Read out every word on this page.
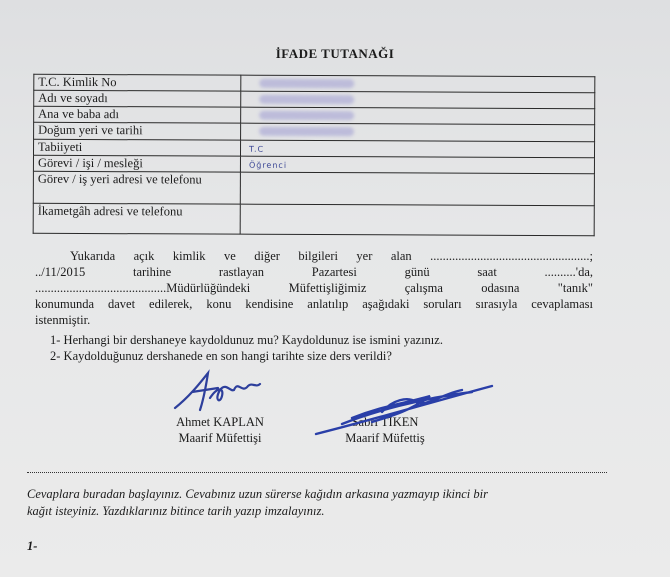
İFADE TUTANAĞI
T.C. Kimlik No	

Adı ve soyadı	

Ana ve baba adı	

Doğum yeri ve tarihi	

Tabiiyeti	T.C

Görevi / işi / mesleği	Öğrenci

Görev / iş yeri adresi ve telefonu	
İkametgâh adresi ve telefonu	
Yukarıda açık kimlik ve diğer bilgileri yer alan ...................................................;
../11/2015 tarihine rastlayan Pazartesi günü saat ..........'da,
..........................................Müdürlüğündeki Müfettişliğimiz çalışma odasına "tanık"
konumunda davet edilerek, konu kendisine anlatılıp aşağıdaki soruları sırasıyla cevaplaması
istenmiştir.
1- Herhangi bir dershaneye kaydoldunuz mu? Kaydoldunuz ise ismini yazınız.
2- Kaydolduğunuz dershanede en son hangi tarihte size ders verildi?
Ahmet KAPLAN
Maarif Müfettişi
Sabri TİKEN
Maarif Müfettiş
Cevaplara buradan başlayınız. Cevabınız uzun sürerse kağıdın arkasına yazmayıp ikinci bir
kağıt isteyiniz. Yazdıklarınız bitince tarih yazıp imzalayınız.
1-
